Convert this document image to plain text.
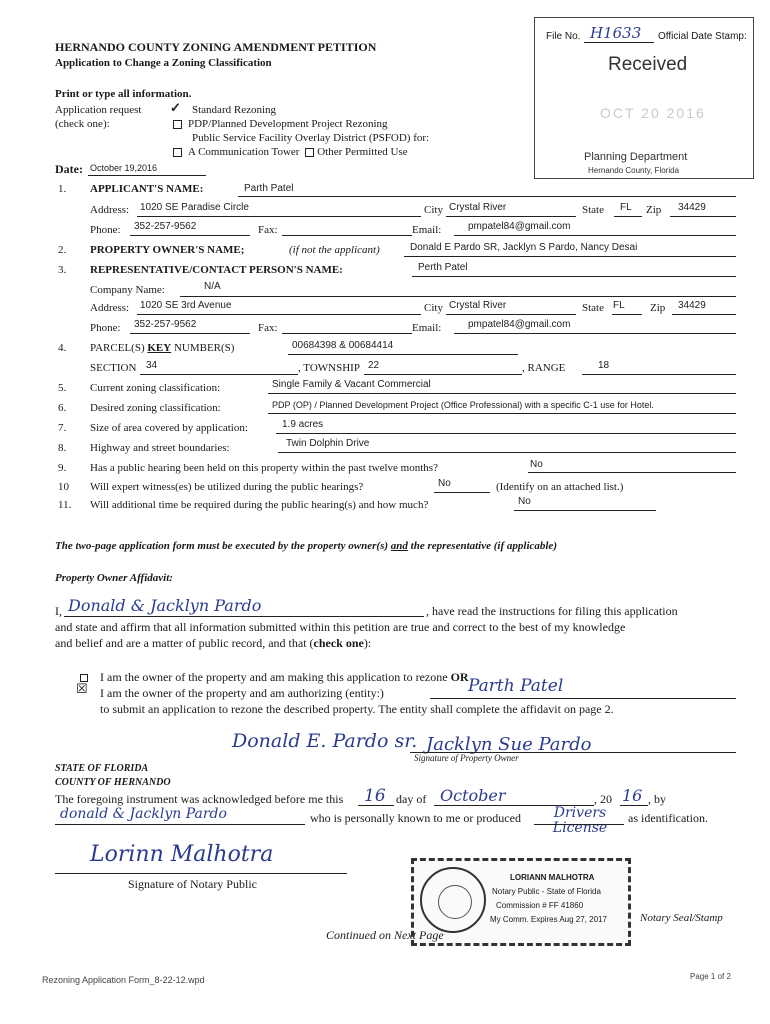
HERNANDO COUNTY ZONING AMENDMENT PETITION
Application to Change a Zoning Classification
Print or type all information.
Application request
(check one):
✓ Standard Rezoning
PDP/Planned Development Project Rezoning
Public Service Facility Overlay District (PSFOD) for:
A Communication Tower Other Permitted Use
Date: October 19,2016
File No. H1633 Official Date Stamp:
Received
OCT 20 2016
Planning Department
Hernando County, Florida
1. APPLICANT'S NAME:	Parth Patel
Address: 1020 SE Paradise Circle	City Crystal River	State FL Zip 34429
Phone: 352-257-9562	Fax:	Email:	pmpatel84@gmail.com
2. PROPERTY OWNER'S NAME;	(if not the applicant)	Donald E Pardo SR, Jacklyn S Pardo, Nancy Desai
3. REPRESENTATIVE/CONTACT PERSON'S NAME:	Perth Patel
Company Name:	N/A
Address: 1020 SE 3rd Avenue	City Crystal River	State FL Zip 34429
Phone: 352-257-9562	Fax:	Email:	pmpatel84@gmail.com
4. PARCEL(S) KEY NUMBER(S)	00684398 & 00684414
SECTION 34	, TOWNSHIP 22	, RANGE	18
5. Current zoning classification:	Single Family & Vacant Commercial
6. Desired zoning classification:	PDP (OP) / Planned Development Project (Office Professional) with a specific C-1 use for Hotel.
7. Size of area covered by application:	1.9 acres
8. Highway and street boundaries:	Twin Dolphin Drive
9. Has a public hearing been held on this property within the past twelve months?	No
10 Will expert witness(es) be utilized during the public hearings?	No	(Identify on an attached list.)
11. Will additional time be required during the public hearing(s) and how much?	No
The two-page application form must be executed by the property owner(s) and the representative (if applicable)
Property Owner Affidavit:
I, Donald & Jacklyn Pardo	, have read the instructions for filing this application
and state and affirm that all information submitted within this petition are true and correct to the best of my knowledge
and belief and are a matter of public record, and that (check one):
I am the owner of the property and am making this application to rezone OR
☒ I am the owner of the property and am authorizing (entity:)	Parth Patel
to submit an application to rezone the described property. The entity shall complete the affidavit on page 2.
Donald E. Pardo sr. Jacklyn Sue Pardo
Signature of Property Owner
STATE OF FLORIDA
COUNTY OF HERNANDO
The foregoing instrument was acknowledged before me this 16 day of October	, 20 16 , by
donald & Jacklyn Pardo	who is personally known to me or produced	Drivers License
as identification.
Lorinn Malhotra
Signature of Notary Public	LORIANN MALHOTRA
Notary Public - State of Florida
Commission # FF 41860
My Comm. Expires Aug 27, 2017	Notary Seal/Stamp
Continued on Next Page
Rezoning Application Form_8-22-12.wpd	Page 1 of 2
